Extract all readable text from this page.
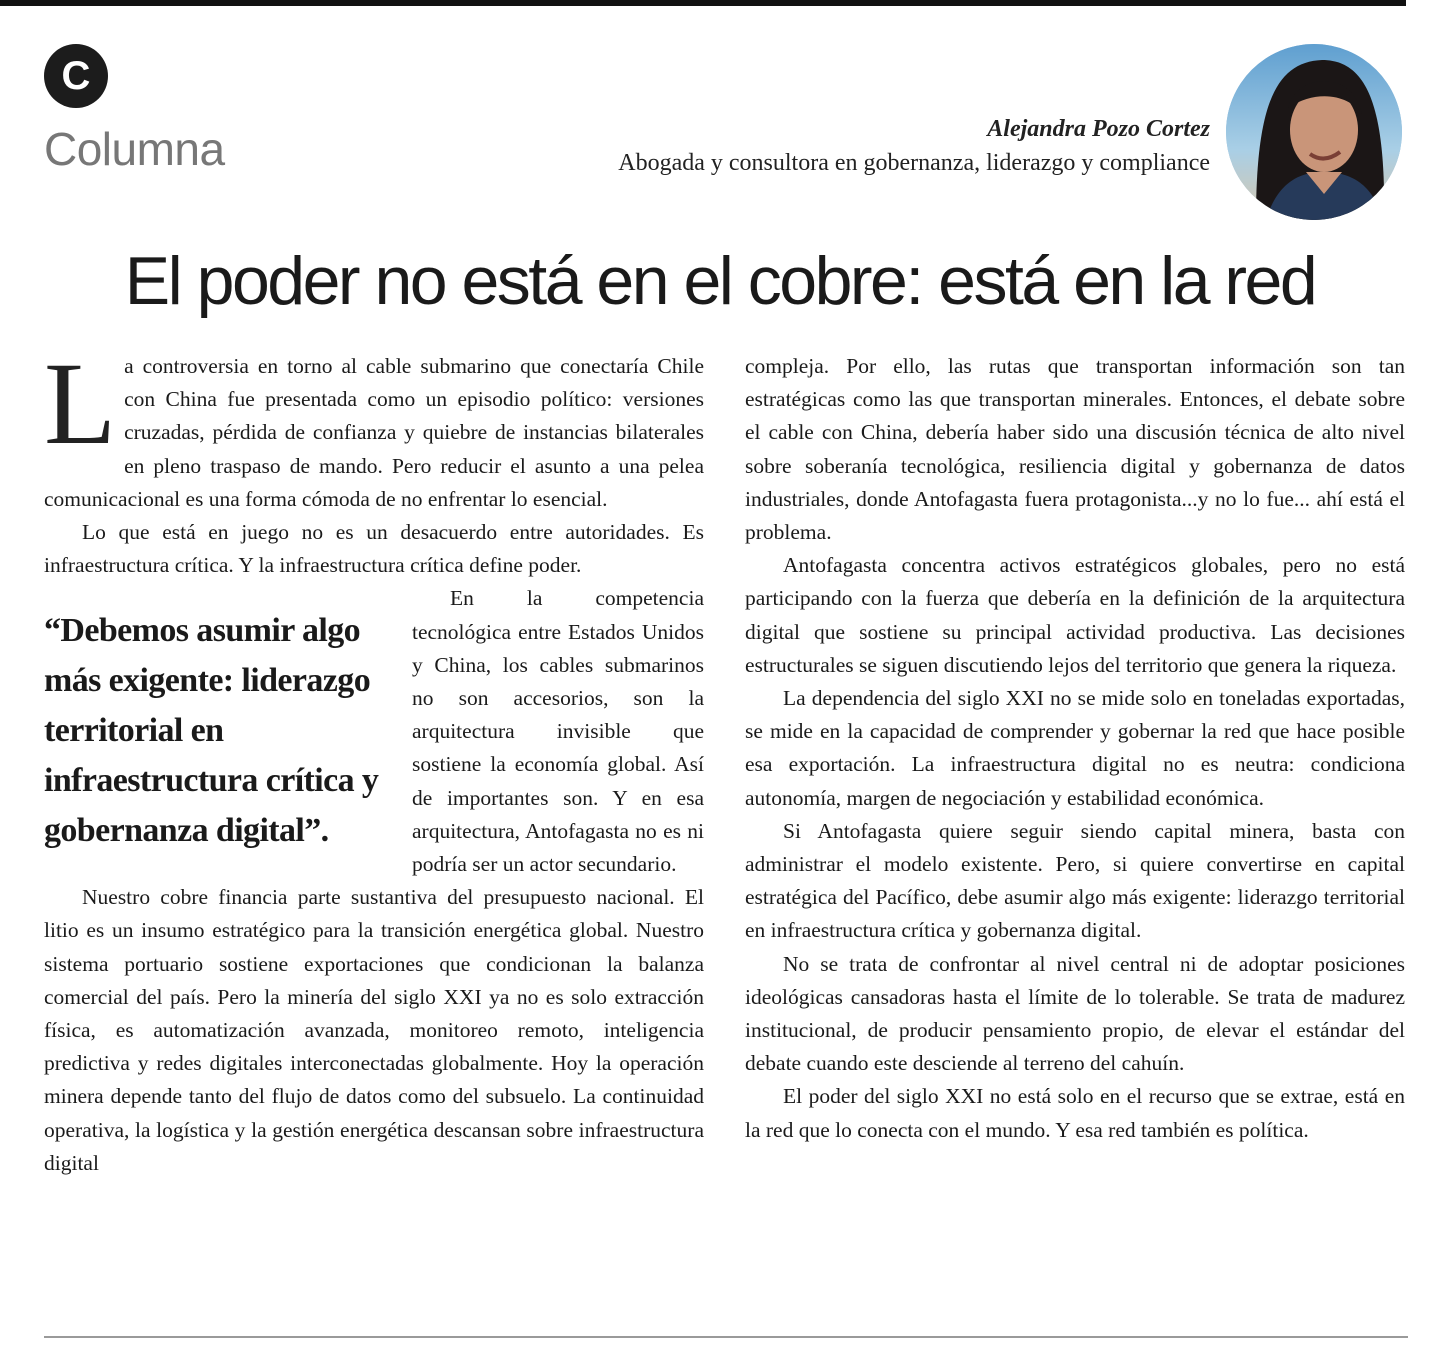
C
Columna	Alejandra Pozo Cortez
Abogada y consultora en gobernanza, liderazgo y compliance
El poder no está en el cobre: está en la red

La controversia en torno al cable submarino que conectaría Chile con China fue presentada como un episodio político: versiones cruzadas, pérdida de confianza y quiebre de instancias bilaterales en pleno traspaso de mando. Pero reducir el asunto a una pelea comunicacional es una forma cómoda de no enfrentar lo esencial.

Lo que está en juego no es un desacuerdo entre autoridades. Es infraestructura crítica. Y la infraestructura crítica define poder.

“Debemos asumir algo más exigente: liderazgo territorial en infraestructura crítica y gobernanza digital”.

En la competencia tecnológica entre Estados Unidos y China, los cables submarinos no son accesorios, son la arquitectura invisible que sostiene la economía global. Así de importantes son. Y en esa arquitectura, Antofagasta no es ni podría ser un actor secundario.

Nuestro cobre financia parte sustantiva del presupuesto nacional. El litio es un insumo estratégico para la transición energética global. Nuestro sistema portuario sostiene exportaciones que condicionan la balanza comercial del país. Pero la minería del siglo XXI ya no es solo extracción física, es automatización avanzada, monitoreo remoto, inteligencia predictiva y redes digitales interconectadas globalmente. Hoy la operación minera depende tanto del flujo de datos como del subsuelo. La continuidad operativa, la logística y la gestión energética descansan sobre infraestructura digital

compleja. Por ello, las rutas que transportan información son tan estratégicas como las que transportan minerales. Entonces, el debate sobre el cable con China, debería haber sido una discusión técnica de alto nivel sobre soberanía tecnológica, resiliencia digital y gobernanza de datos industriales, donde Antofagasta fuera protagonista...y no lo fue... ahí está el problema.

Antofagasta concentra activos estratégicos globales, pero no está participando con la fuerza que debería en la definición de la arquitectura digital que sostiene su principal actividad productiva. Las decisiones estructurales se siguen discutiendo lejos del territorio que genera la riqueza.

La dependencia del siglo XXI no se mide solo en toneladas exportadas, se mide en la capacidad de comprender y gobernar la red que hace posible esa exportación. La infraestructura digital no es neutra: condiciona autonomía, margen de negociación y estabilidad económica.

Si Antofagasta quiere seguir siendo capital minera, basta con administrar el modelo existente. Pero, si quiere convertirse en capital estratégica del Pacífico, debe asumir algo más exigente: liderazgo territorial en infraestructura crítica y gobernanza digital.

No se trata de confrontar al nivel central ni de adoptar posiciones ideológicas cansadoras hasta el límite de lo tolerable. Se trata de madurez institucional, de producir pensamiento propio, de elevar el estándar del debate cuando este desciende al terreno del cahuín.

El poder del siglo XXI no está solo en el recurso que se extrae, está en la red que lo conecta con el mundo. Y esa red también es política.
